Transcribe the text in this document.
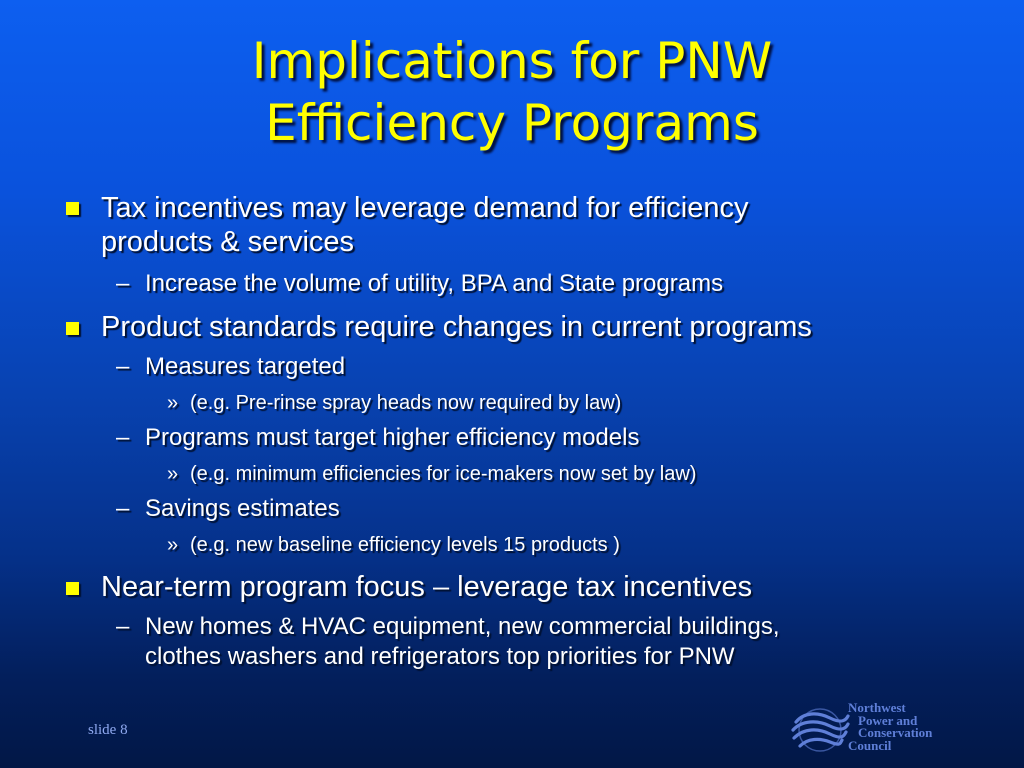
Implications for PNW
Efficiency Programs
Tax incentives may leverage demand for efficiency
products & services
– Increase the volume of utility, BPA and State programs
Product standards require changes in current programs
– Measures targeted
» (e.g. Pre-rinse spray heads now required by law)
– Programs must target higher efficiency models
» (e.g. minimum efficiencies for ice-makers now set by law)
– Savings estimates
» (e.g. new baseline efficiency levels 15 products )
Near-term program focus – leverage tax incentives
– New homes & HVAC equipment, new commercial buildings,
clothes washers and refrigerators top priorities for PNW
slide 8
Northwest
Power and
Conservation
Council
